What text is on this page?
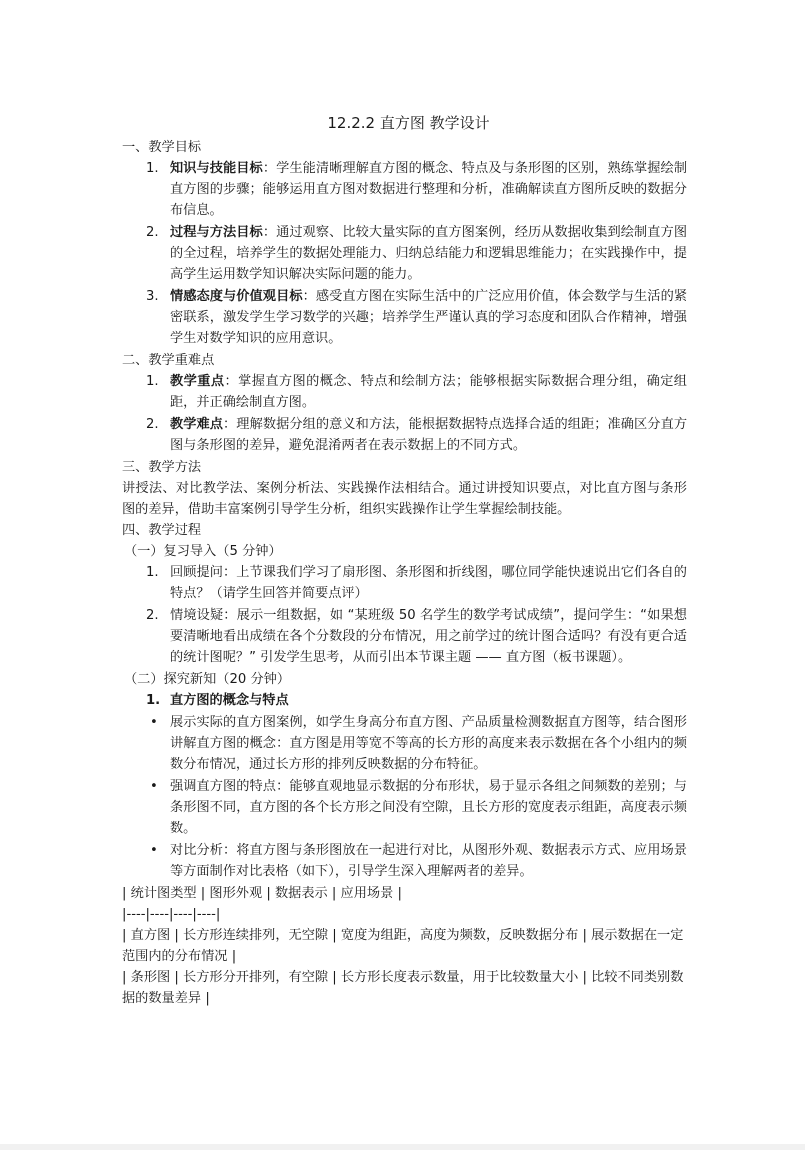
12.2.2 直方图 教学设计

一、教学目标

1. 知识与技能目标：学生能清晰理解直方图的概念、特点及与条形图的区别，熟练掌握绘制直方图的步骤；能够运用直方图对数据进行整理和分析，准确解读直方图所反映的数据分布信息。
2. 过程与方法目标：通过观察、比较大量实际的直方图案例，经历从数据收集到绘制直方图的全过程，培养学生的数据处理能力、归纳总结能力和逻辑思维能力；在实践操作中，提高学生运用数学知识解决实际问题的能力。
3. 情感态度与价值观目标：感受直方图在实际生活中的广泛应用价值，体会数学与生活的紧密联系，激发学生学习数学的兴趣；培养学生严谨认真的学习态度和团队合作精神，增强学生对数学知识的应用意识。

二、教学重难点

1. 教学重点：掌握直方图的概念、特点和绘制方法；能够根据实际数据合理分组，确定组距，并正确绘制直方图。
2. 教学难点：理解数据分组的意义和方法，能根据数据特点选择合适的组距；准确区分直方图与条形图的差异，避免混淆两者在表示数据上的不同方式。

三、教学方法

讲授法、对比教学法、案例分析法、实践操作法相结合。通过讲授知识要点，对比直方图与条形图的差异，借助丰富案例引导学生分析，组织实践操作让学生掌握绘制技能。

四、教学过程

（一）复习导入（5 分钟）

1. 回顾提问：上节课我们学习了扇形图、条形图和折线图，哪位同学能快速说出它们各自的特点？（请学生回答并简要点评）
2. 情境设疑：展示一组数据，如 “某班级 50 名学生的数学考试成绩”，提问学生：“如果想要清晰地看出成绩在各个分数段的分布情况，用之前学过的统计图合适吗？有没有更合适的统计图呢？” 引发学生思考，从而引出本节课主题 —— 直方图（板书课题）。

（二）探究新知（20 分钟）

1. 直方图的概念与特点
• 展示实际的直方图案例，如学生身高分布直方图、产品质量检测数据直方图等，结合图形讲解直方图的概念：直方图是用等宽不等高的长方形的高度来表示数据在各个小组内的频数分布情况，通过长方形的排列反映数据的分布特征。
• 强调直方图的特点：能够直观地显示数据的分布形状，易于显示各组之间频数的差别；与条形图不同，直方图的各个长方形之间没有空隙，且长方形的宽度表示组距，高度表示频数。
• 对比分析：将直方图与条形图放在一起进行对比，从图形外观、数据表示方式、应用场景等方面制作对比表格（如下），引导学生深入理解两者的差异。

| 统计图类型 | 图形外观 | 数据表示 | 应用场景 |

|----|----|----|----|

| 直方图 | 长方形连续排列，无空隙 | 宽度为组距，高度为频数，反映数据分布 | 展示数据在一定范围内的分布情况 |

| 条形图 | 长方形分开排列，有空隙 | 长方形长度表示数量，用于比较数量大小 | 比较不同类别数据的数量差异 |
